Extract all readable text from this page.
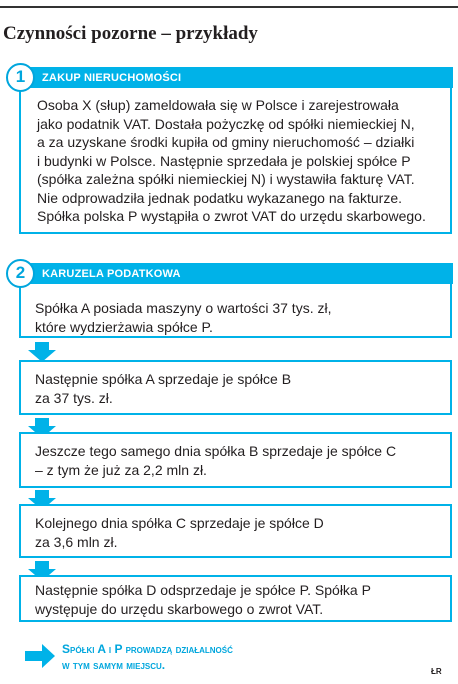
Czynności pozorne – przykłady
1	ZAKUP NIERUCHOMOŚCI
Osoba X (słup) zameldowała się w Polsce i zarejestrowała
jako podatnik VAT. Dostała pożyczkę od spółki niemieckiej N,
a za uzyskane środki kupiła od gminy nieruchomość – działki
i budynki w Polsce. Następnie sprzedała je polskiej spółce P
(spółka zależna spółki niemieckiej N) i wystawiła fakturę VAT.
Nie odprowadziła jednak podatku wykazanego na fakturze.
Spółka polska P wystąpiła o zwrot VAT do urzędu skarbowego.
2	KARUZELA PODATKOWA
Spółka A posiada maszyny o wartości 37 tys. zł,
które wydzierżawia spółce P.
Następnie spółka A sprzedaje je spółce B
za 37 tys. zł.
Jeszcze tego samego dnia spółka B sprzedaje je spółce C
– z tym że już za 2,2 mln zł.
Kolejnego dnia spółka C sprzedaje je spółce D
za 3,6 mln zł.
Następnie spółka D odsprzedaje je spółce P. Spółka P
występuje do urzędu skarbowego o zwrot VAT.
Spółki A i P prowadzą działalność
w tym samym miejscu.	ŁR
